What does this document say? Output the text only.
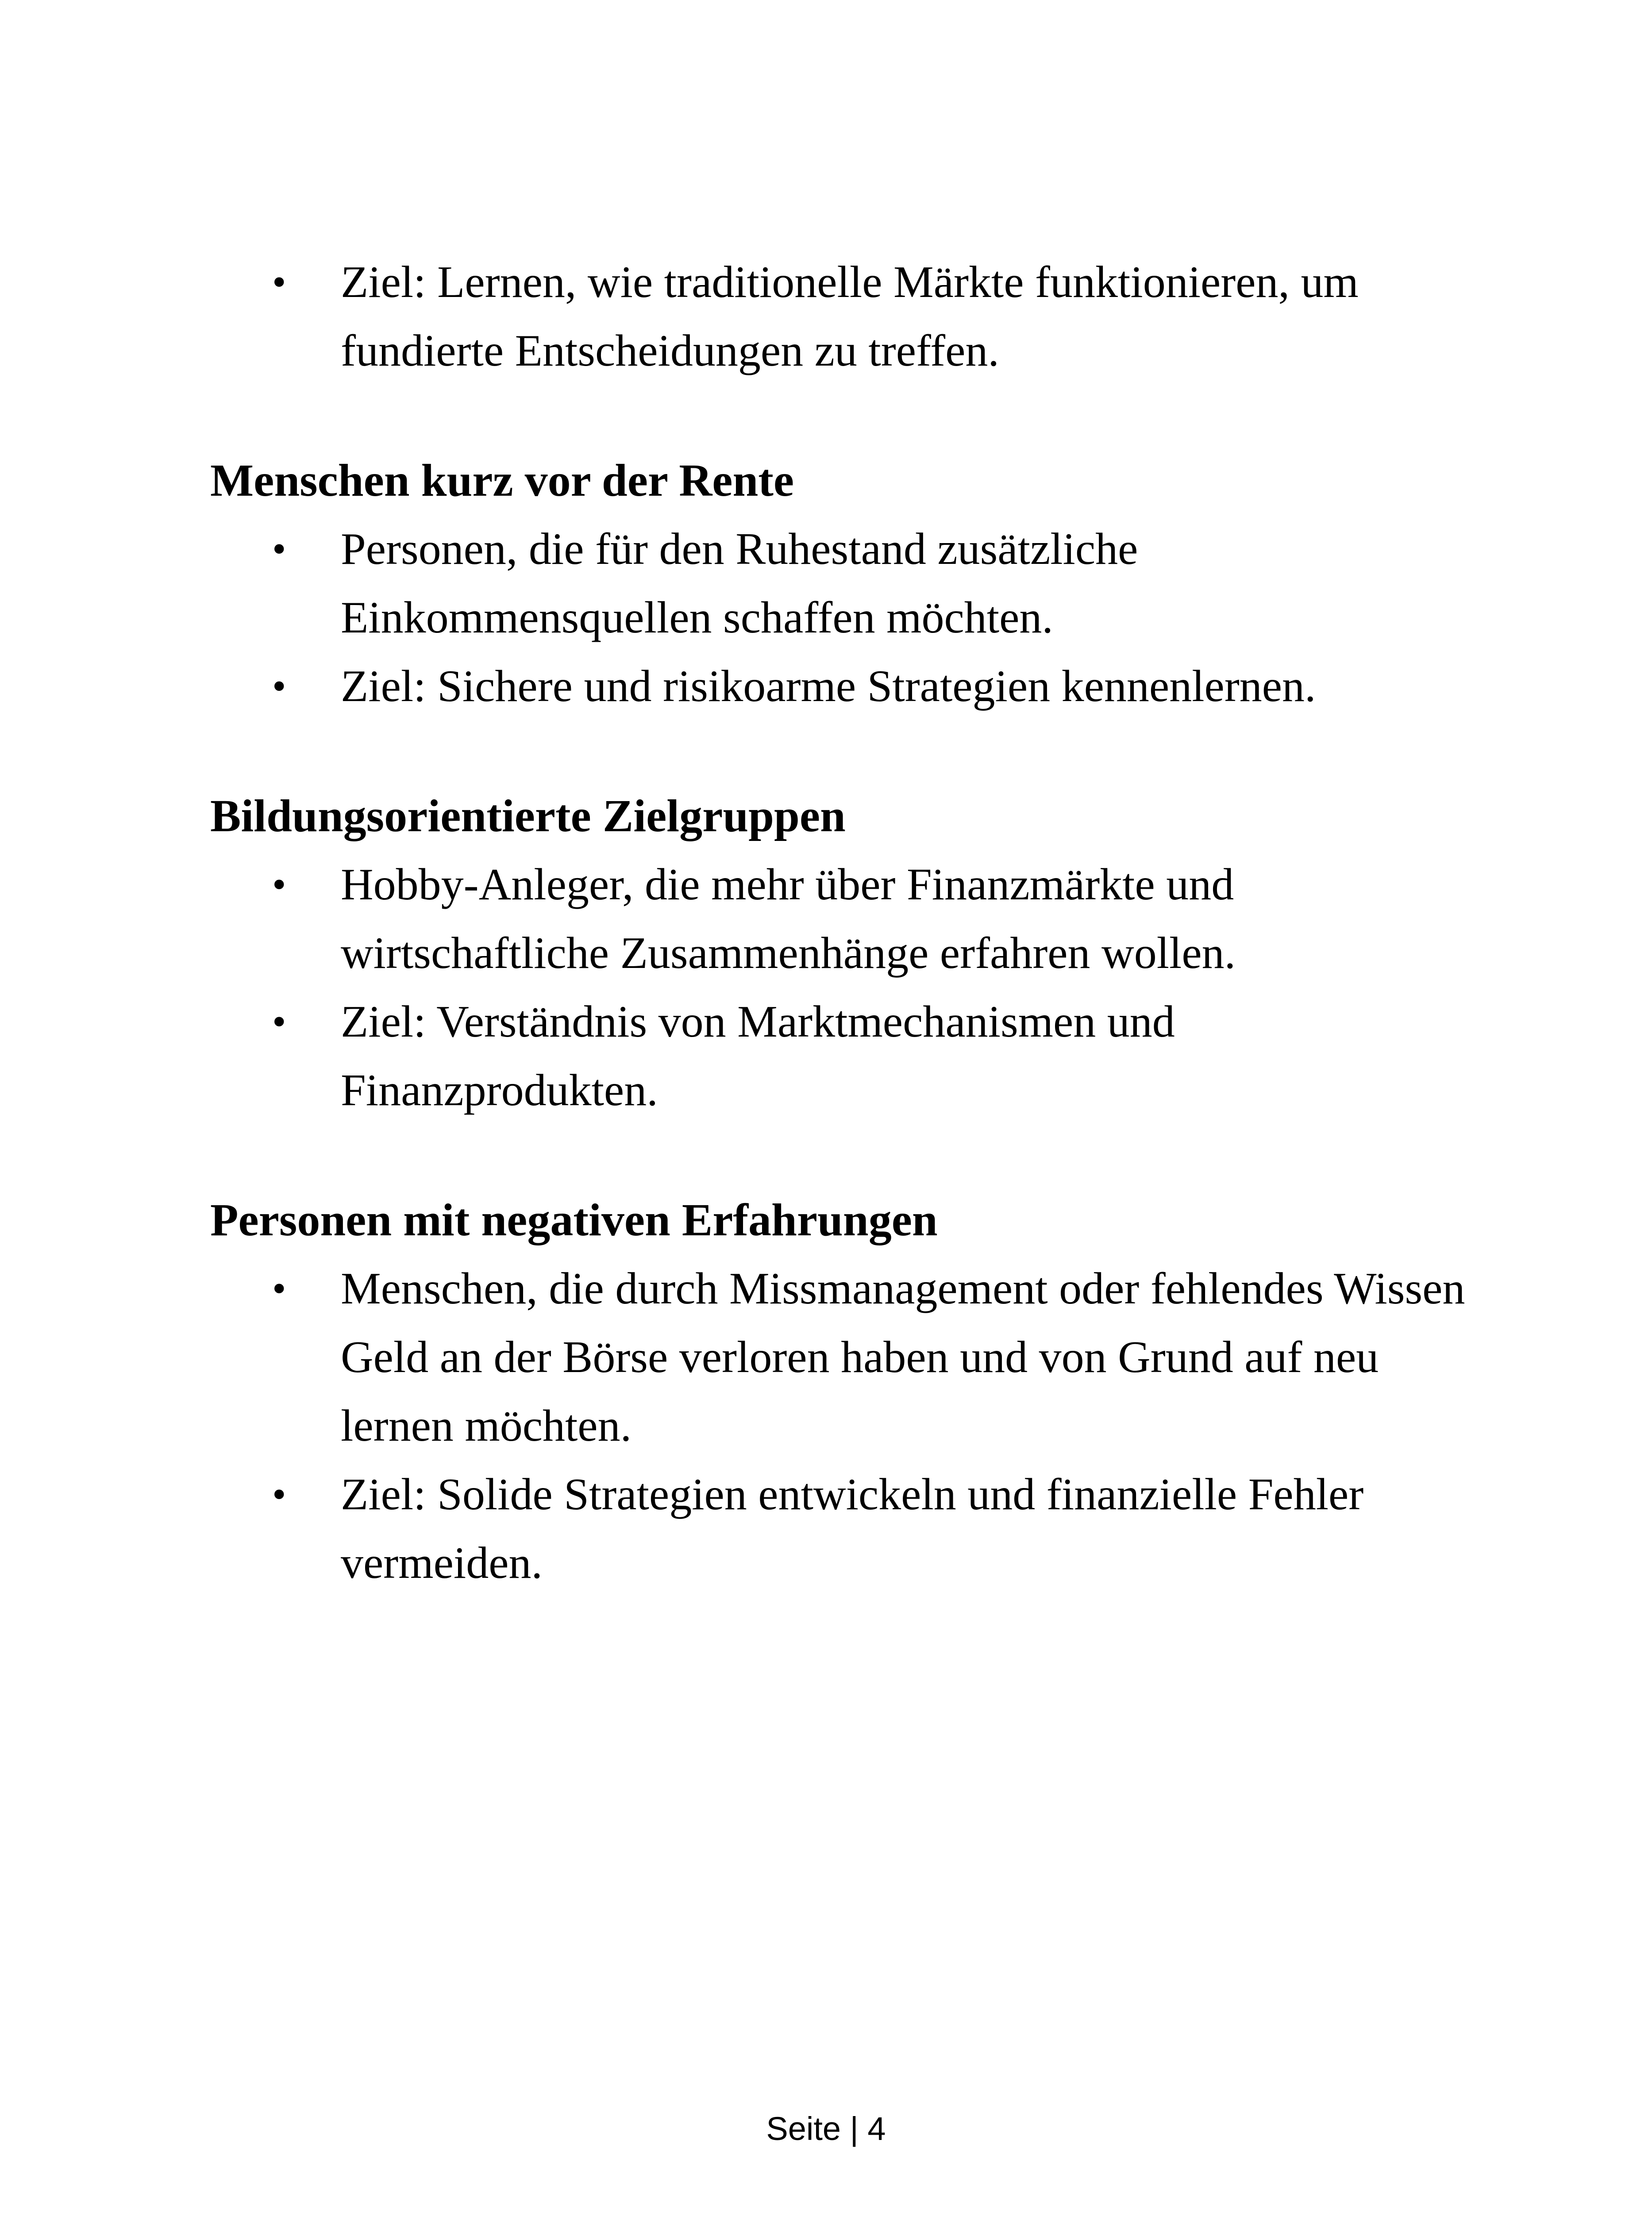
• Ziel: Lernen, wie traditionelle Märkte funktionieren, um fundierte Entscheidungen zu treffen.
Menschen kurz vor der Rente
• Personen, die für den Ruhestand zusätzliche Einkommensquellen schaffen möchten.
• Ziel: Sichere und risikoarme Strategien kennenlernen.
Bildungsorientierte Zielgruppen
• Hobby-Anleger, die mehr über Finanzmärkte und wirtschaftliche Zusammenhänge erfahren wollen.
• Ziel: Verständnis von Marktmechanismen und Finanzprodukten.
Personen mit negativen Erfahrungen
• Menschen, die durch Missmanagement oder fehlendes Wissen Geld an der Börse verloren haben und von Grund auf neu lernen möchten.
• Ziel: Solide Strategien entwickeln und finanzielle Fehler vermeiden.
Seite | 4
